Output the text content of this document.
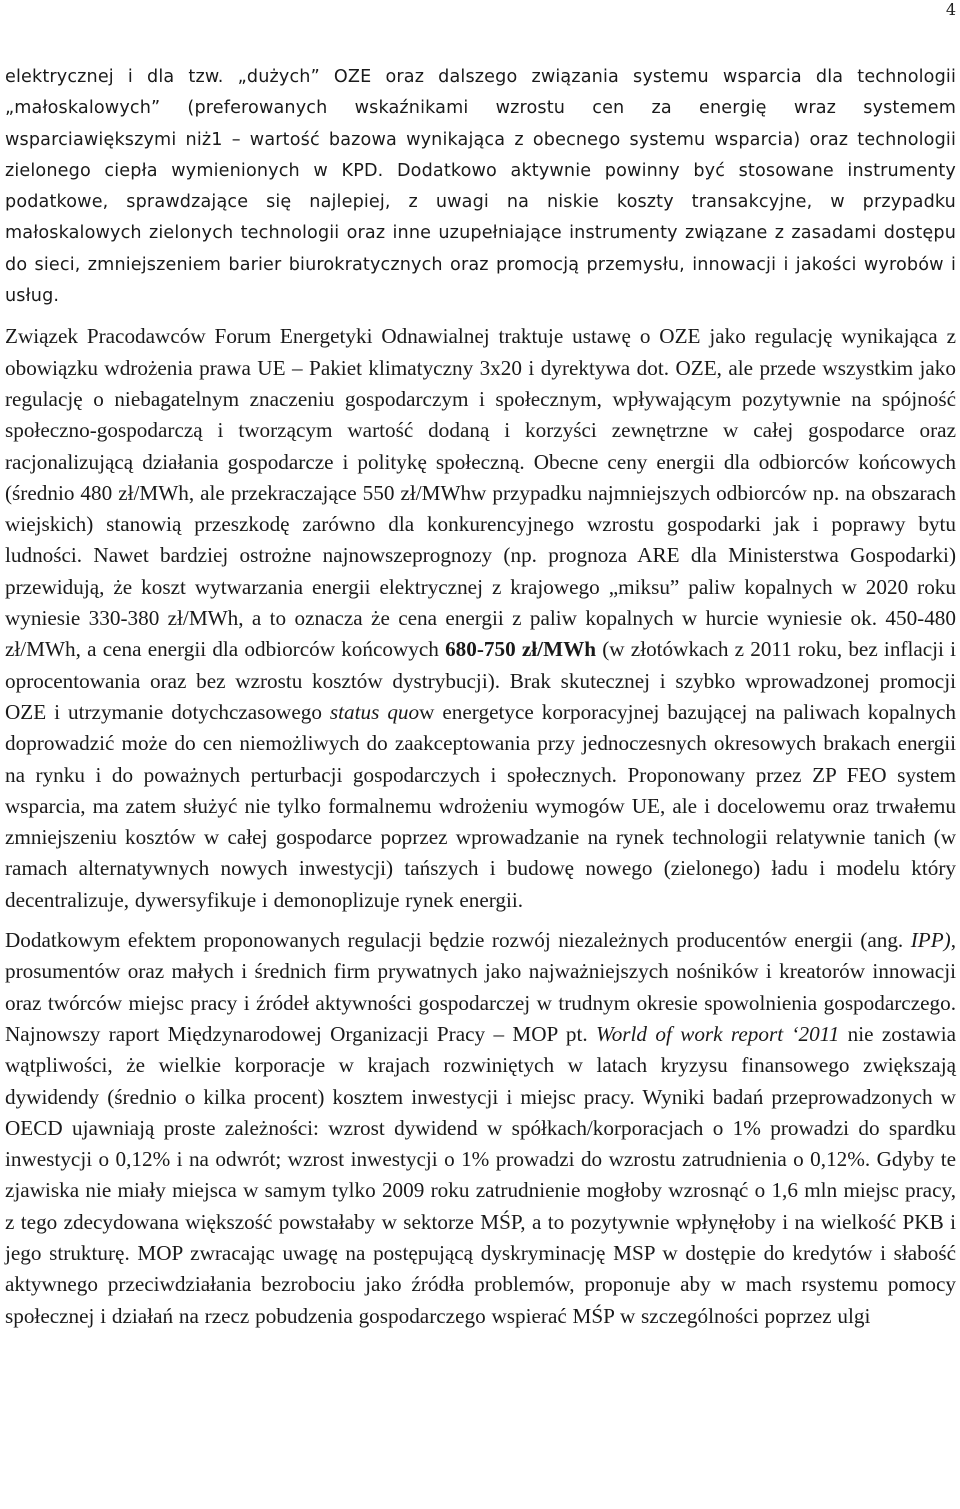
4

elektrycznej i dla tzw. „dużych” OZE oraz dalszego związania systemu wsparcia dla technologii „małoskalowych” (preferowanych wskaźnikami wzrostu cen za energię wraz systemem wsparciawiększymi niż1 – wartość bazowa wynikająca z obecnego systemu wsparcia) oraz technologii zielonego ciepła wymienionych w KPD. Dodatkowo aktywnie powinny być stosowane instrumenty podatkowe, sprawdzające się najlepiej, z uwagi na niskie koszty transakcyjne, w przypadku małoskalowych zielonych technologii oraz inne uzupełniające instrumenty związane z zasadami dostępu do sieci, zmniejszeniem barier biurokratycznych oraz promocją przemysłu, innowacji i jakości wyrobów i usług.

Związek Pracodawców Forum Energetyki Odnawialnej traktuje ustawę o OZE jako regulację wynikająca z obowiązku wdrożenia prawa UE – Pakiet klimatyczny 3x20 i dyrektywa dot. OZE, ale przede wszystkim jako regulację o niebagatelnym znaczeniu gospodarczym i społecznym, wpływającym pozytywnie na spójność społeczno-gospodarczą i tworzącym wartość dodaną i korzyści zewnętrzne w całej gospodarce oraz racjonalizującą działania gospodarcze i politykę społeczną. Obecne ceny energii dla odbiorców końcowych (średnio 480 zł/MWh, ale przekraczające 550 zł/MWhw przypadku najmniejszych odbiorców np. na obszarach wiejskich) stanowią przeszkodę zarówno dla konkurencyjnego wzrostu gospodarki jak i poprawy bytu ludności. Nawet bardziej ostrożne najnowszeprognozy (np. prognoza ARE dla Ministerstwa Gospodarki) przewidują, że koszt wytwarzania energii elektrycznej z krajowego „miksu” paliw kopalnych w 2020 roku wyniesie 330-380 zł/MWh, a to oznacza że cena energii z paliw kopalnych w hurcie wyniesie ok. 450-480 zł/MWh, a cena energii dla odbiorców końcowych 680-750 zł/MWh (w złotówkach z 2011 roku, bez inflacji i oprocentowania oraz bez wzrostu kosztów dystrybucji). Brak skutecznej i szybko wprowadzonej promocji OZE i utrzymanie dotychczasowego status quow energetyce korporacyjnej bazującej na paliwach kopalnych doprowadzić może do cen niemożliwych do zaakceptowania przy jednoczesnych okresowych brakach energii na rynku i do poważnych perturbacji gospodarczych i społecznych. Proponowany przez ZP FEO system wsparcia, ma zatem służyć nie tylko formalnemu wdrożeniu wymogów UE, ale i docelowemu oraz trwałemu zmniejszeniu kosztów w całej gospodarce poprzez wprowadzanie na rynek technologii relatywnie tanich (w ramach alternatywnych nowych inwestycji) tańszych i budowę nowego (zielonego) ładu i modelu który decentralizuje, dywersyfikuje i demonoplizuje rynek energii.

Dodatkowym efektem proponowanych regulacji będzie rozwój niezależnych producentów energii (ang. IPP), prosumentów oraz małych i średnich firm prywatnych jako najważniejszych nośników i kreatorów innowacji oraz twórców miejsc pracy i źródeł aktywności gospodarczej w trudnym okresie spowolnienia gospodarczego. Najnowszy raport Międzynarodowej Organizacji Pracy – MOP pt. World of work report ‘2011 nie zostawia wątpliwości, że wielkie korporacje w krajach rozwiniętych w latach kryzysu finansowego zwiększają dywidendy (średnio o kilka procent) kosztem inwestycji i miejsc pracy. Wyniki badań przeprowadzonych w OECD ujawniają proste zależności: wzrost dywidend w spółkach/korporacjach o 1% prowadzi do spardku inwestycji o 0,12% i na odwrót; wzrost inwestycji o 1% prowadzi do wzrostu zatrudnienia o 0,12%. Gdyby te zjawiska nie miały miejsca w samym tylko 2009 roku zatrudnienie mogłoby wzrosnąć o 1,6 mln miejsc pracy, z tego zdecydowana większość powstałaby w sektorze MŚP, a to pozytywnie wpłynęłoby i na wielkość PKB i jego strukturę. MOP zwracając uwagę na postępującą dyskryminację MSP w dostępie do kredytów i słabość aktywnego przeciwdziałania bezrobociu jako źródła problemów, proponuje aby w mach rsystemu pomocy społecznej i działań na rzecz pobudzenia gospodarczego wspierać MŚP w szczególności poprzez ulgi
